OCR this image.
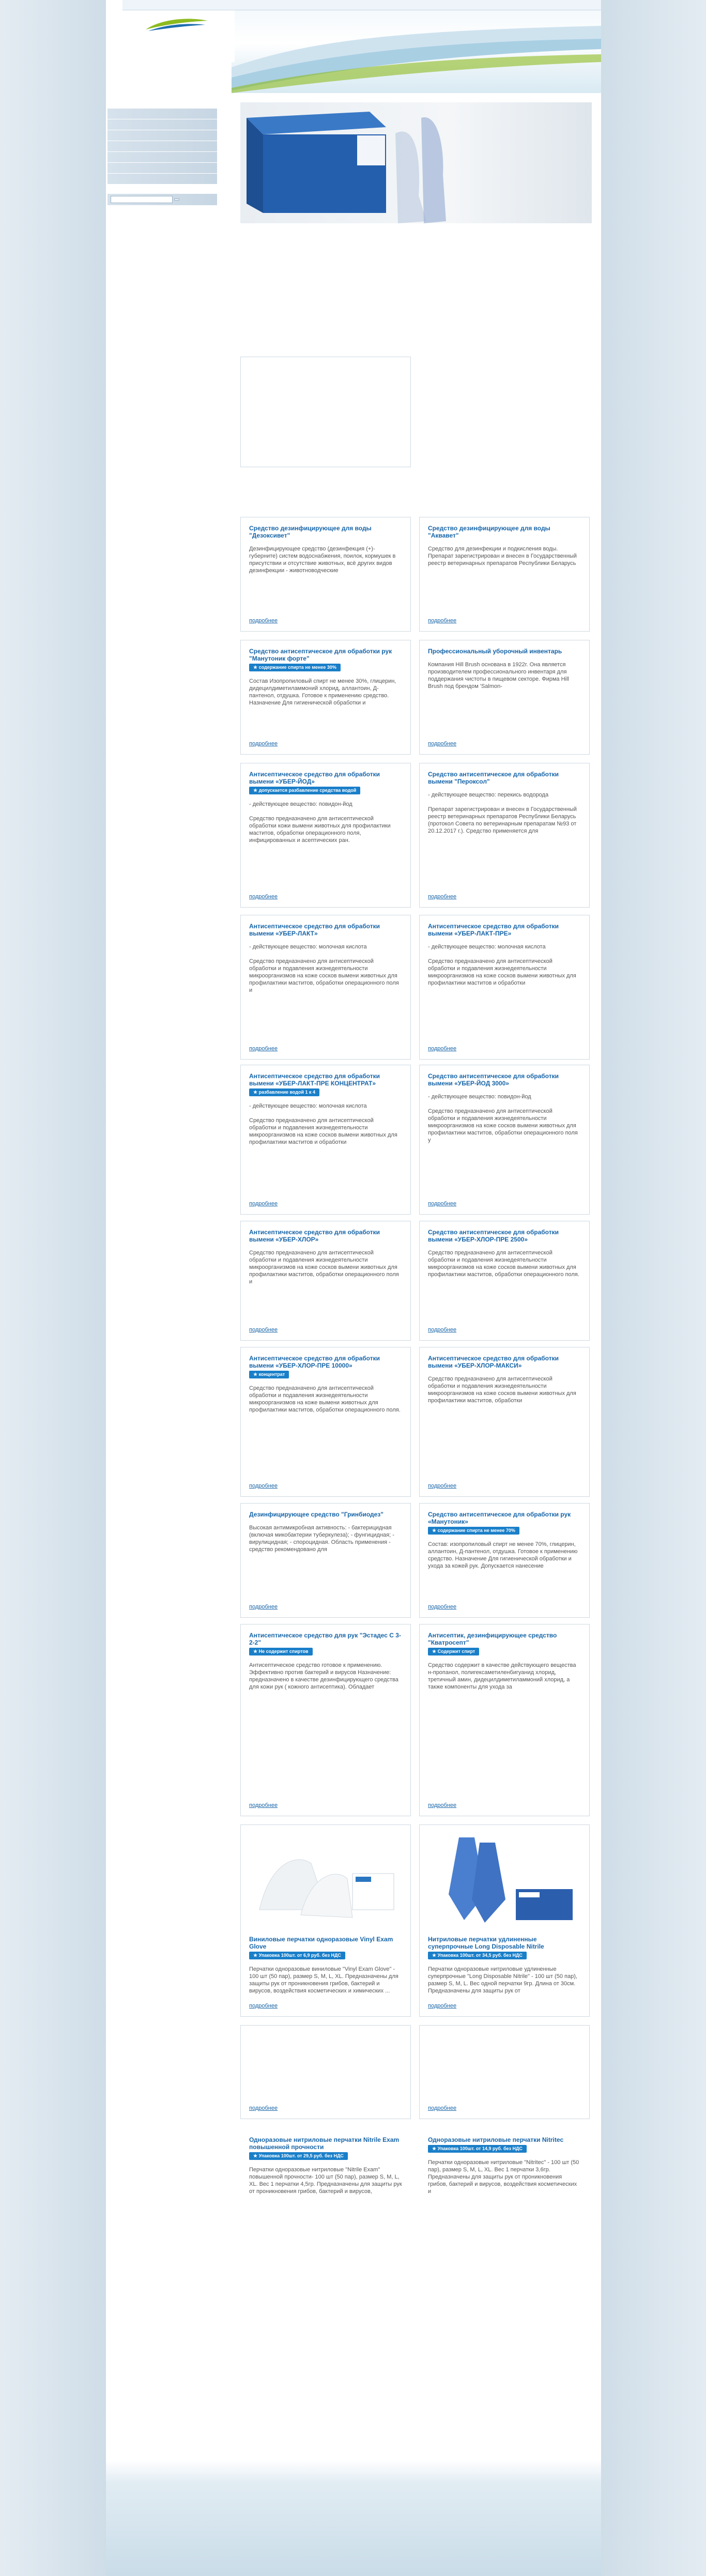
Средство дезинфицирующее для воды "Дезоксивет"
Дезинфицирующее средство (дезинфекция (+)-губерните) систем водоснабжения, поилок, кормушек в присутствии и отсутствие животных, всё других видов дезинфекции - животноводческие
подробнее
Средство дезинфицирующее для воды "Аквавет"
Средство для дезинфекции и подкисления воды. Препарат зарегистрирован и внесен в Государственный реестр ветеринарных препаратов Республики Беларусь
подробнее
Средство антисептическое для обработки рук "Манутоник форте"
★ содержание спирта не менее 30%
Состав Изопропиловый спирт не менее 30%, глицерин, дидецилдиметиламмоний хлорид, аллантоин, Д-пантенол, отдушка. Готовое к применению средство. Назначение Для гигиенической обработки и
подробнее
Профессиональный уборочный инвентарь
Компания Hill Brush основана в 1922г. Она является производителем профессионального инвентаря для поддержания чистоты в пищевом секторе. Фирма Hill Brush под брендом 'Salmon-
подробнее
Антисептическое средство для обработки вымени «УБЕР-ЙОД»
★ допускается разбавление средства водой
- действующее вещество: повидон-йод

Средство предназначено для антисептической обработки кожи вымени животных для профилактики маститов, обработки операционного поля, инфицированных и асептических ран.
подробнее
Средство антисептическое для обработки вымени "Пероксол"
- действующее вещество: перекись водорода

Препарат зарегистрирован и внесен в Государственный реестр ветеринарных препаратов Республики Беларусь (протокол Совета по ветеринарным препаратам №93 от 20.12.2017 г.). Средство применяется для
подробнее
Антисептическое средство для обработки вымени «УБЕР-ЛАКТ»
- действующее вещество: молочная кислота

Средство предназначено для антисептической обработки и подавления жизнедеятельности микроорганизмов на коже сосков вымени животных для профилактики маститов, обработки операционного поля и
подробнее
Антисептическое средство для обработки вымени «УБЕР-ЛАКТ-ПРЕ»
- действующее вещество: молочная кислота

Средство предназначено для антисептической обработки и подавления жизнедеятельности микроорганизмов на коже сосков вымени животных для профилактики маститов и обработки
подробнее
Антисептическое средство для обработки вымени «УБЕР-ЛАКТ-ПРЕ КОНЦЕНТРАТ»
★ разбавление водой 1 к 4
- действующее вещество: молочная кислота

Средство предназначено для антисептической обработки и подавления жизнедеятельности микроорганизмов на коже сосков вымени животных для профилактики маститов и обработки
подробнее
Средство антисептическое для обработки вымени «УБЕР-ЙОД 3000»
- действующее вещество: повидон-йод

Средство предназначено для антисептической обработки и подавления жизнедеятельности микроорганизмов на коже сосков вымени животных для профилактики маститов, обработки операционного поля у
подробнее
Антисептическое средство для обработки вымени «УБЕР-ХЛОР»
Средство предназначено для антисептической обработки и подавления жизнедеятельности микроорганизмов на коже сосков вымени животных для профилактики маститов, обработки операционного поля и
подробнее
Средство антисептическое для обработки вымени «УБЕР-ХЛОР-ПРЕ 2500»
Средство предназначено для антисептической обработки и подавления жизнедеятельности микроорганизмов на коже сосков вымени животных для профилактики маститов, обработки операционного поля.
подробнее
Антисептическое средство для обработки вымени «УБЕР-ХЛОР-ПРЕ 10000»
★ концентрат
Средство предназначено для антисептической обработки и подавления жизнедеятельности микроорганизмов на коже вымени животных для профилактики маститов, обработки операционного поля.
подробнее
Антисептическое средство для обработки вымени «УБЕР-ХЛОР-МАКСИ»
Средство предназначено для антисептической обработки и подавления жизнедеятельности микроорганизмов на коже сосков вымени животных для профилактики маститов, обработки
подробнее
Дезинфицирующее средство "Гринбиодез"
Высокая антимикробная активность: - бактерицидная (включая микобактерии туберкулеза); - фунгицидная; - вирулицидная; - спороцидная. Область применения - средство рекомендовано для
подробнее
Средство антисептическое для обработки рук «Манутоник»
★ содержание спирта не менее 70%
Состав: изопропиловый спирт не менее 70%, глицерин, аллантоин, Д-пантенол, отдушка. Готовое к применению средство. Назначение Для гигиенической обработки и ухода за кожей рук. Допускается нанесение
подробнее
Антисептическое средство для рук "Эстадес С 3-2-2"
★ Не содержит спиртов
Антисептическое средство готовое к применению. Эффективно против бактерий и вирусов Назначение: предназначено в качестве дезинфицирующего средства для кожи рук ( кожного антисептика). Обладает
подробнее
Антисептик, дезинфицирующее средство "Кватросепт"
★ Содержит спирт
Средство содержит в качестве действующего вещества н-пропанол, полигексаметиленбигуанид хлорид, третичный амин, дидецилдиметиламмоний хлорид, а также компоненты для ухода за
подробнее
Виниловые перчатки одноразовые Vinyl Exam Glove
★ Упаковка 100шт. от 6,9 руб. без НДС
Перчатки одноразовые виниловые "Vinyl Exam Glove" - 100 шт (50 пар), размер S, M, L, XL. Предназначены для защиты рук от проникновения грибов, бактерий и вирусов, воздействия косметических и химических ...
подробнее
Нитриловые перчатки удлиненные суперпрочные Long Disposable Nitrile
★ Упаковка 100шт. от 34,5 руб. без НДС
Перчатки одноразовые нитриловые удлиненные суперпрочные "Long Disposable Nitrile" - 100 шт (50 пар), размер S, M, L. Вес одной перчатки 9гр. Длина от 30см. Предназначены для защиты рук от
подробнее
Одноразовые нитриловые перчатки Nitrile Exam повышенной прочности
★ Упаковка 100шт. от 29,5 руб. без НДС
Перчатки одноразовые нитриловые "Nitrile Exam" повышенной прочности- 100 шт (50 пар), размер S, M, L, XL. Вес 1 перчатки 4,5гр. Предназначены для защиты рук от проникновения грибов, бактерий и вирусов,
подробнее
Одноразовые нитриловые перчатки Nitritec
★ Упаковка 100шт. от 14,9 руб. без НДС
Перчатки одноразовые нитриловые "Nitritec" - 100 шт (50 пар), размер S, M, L, XL. Вес 1 перчатки 3,6гр. Предназначены для защиты рук от проникновения грибов, бактерий и вирусов, воздействия косметических и
подробнее
